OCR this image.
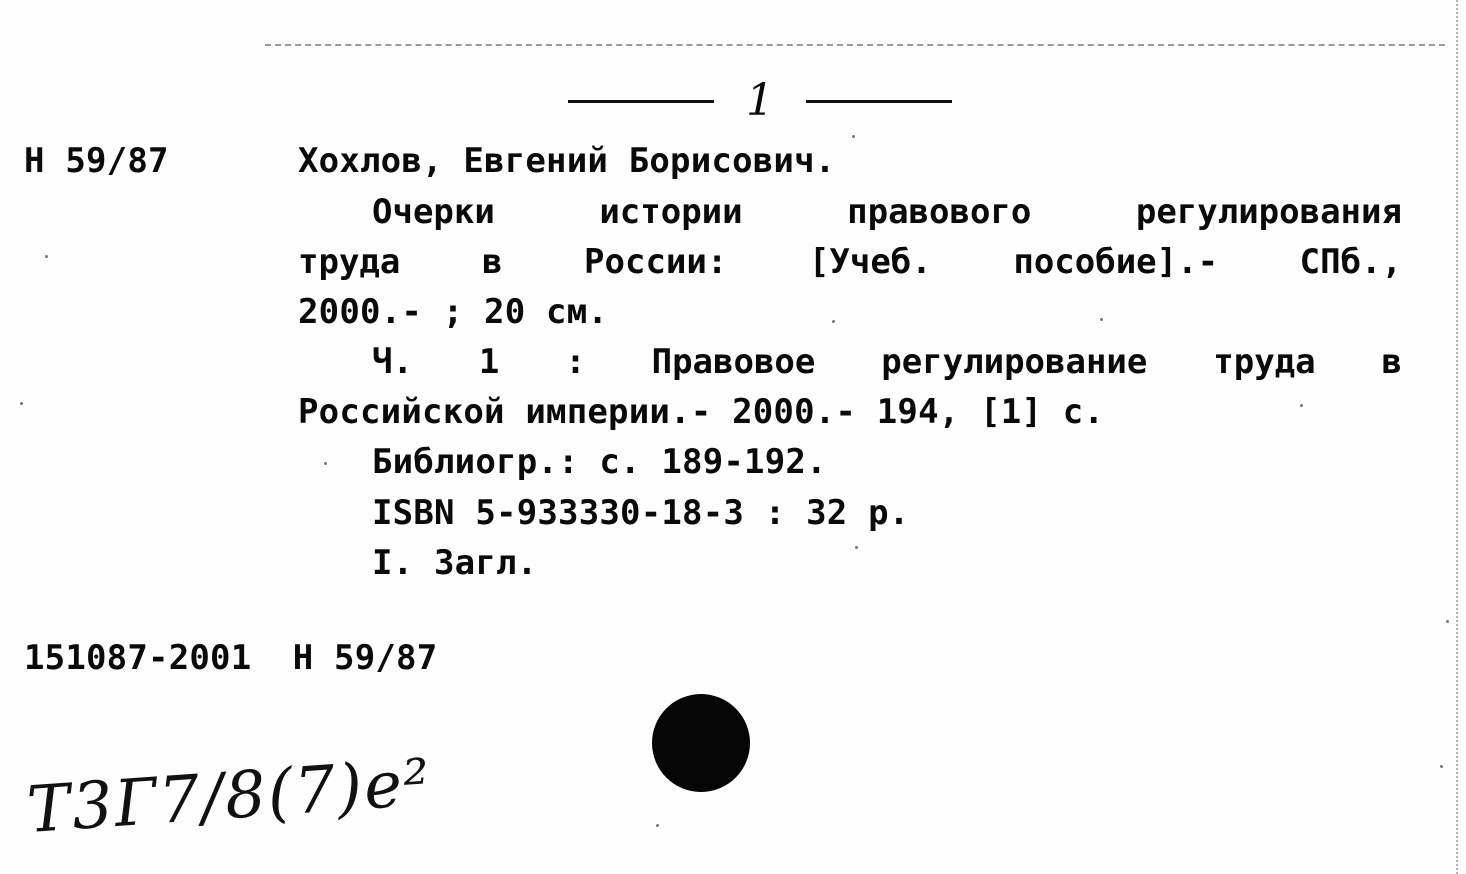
1
Н 59/87	Хохлов, Евгений Борисович.
Очерки	истории	правового	регулирования
труда в России: [Учеб. пособие].- СПб.,
2000.- ; 20 см.
Ч. 1 : Правовое регулирование труда в
Российской империи.- 2000.- 194, [1] с.
Библиогр.: с. 189-192.
ISBN 5-933330-18-3 : 32 р.
I. Загл.
151087-2001  Н 59/87
Т3Г7/8(7)е²
